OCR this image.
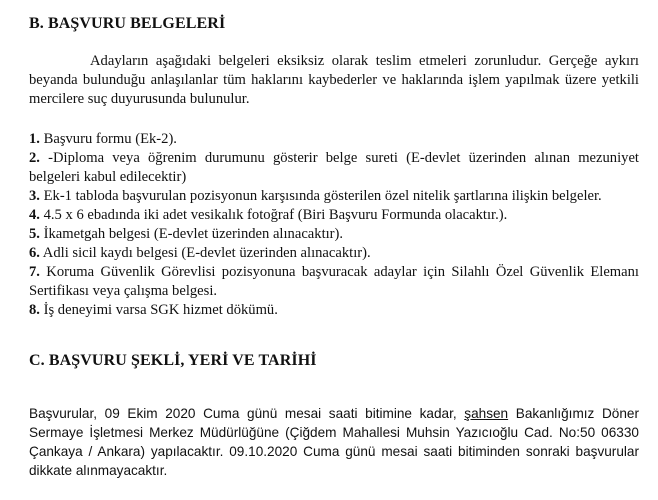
B. BAŞVURU BELGELERİ
Adayların aşağıdaki belgeleri eksiksiz olarak teslim etmeleri zorunludur. Gerçeğe aykırı beyanda bulunduğu anlaşılanlar tüm haklarını kaybederler ve haklarında işlem yapılmak üzere yetkili mercilere suç duyurusunda bulunulur.
1. Başvuru formu (Ek-2).
2. -Diploma veya öğrenim durumunu gösterir belge sureti (E-devlet üzerinden alınan mezuniyet belgeleri kabul edilecektir)
3. Ek-1 tabloda başvurulan pozisyonun karşısında gösterilen özel nitelik şartlarına ilişkin belgeler.
4. 4.5 x 6 ebadında iki adet vesikalık fotoğraf (Biri Başvuru Formunda olacaktır.).
5. İkametgah belgesi (E-devlet üzerinden alınacaktır).
6. Adli sicil kaydı belgesi (E-devlet üzerinden alınacaktır).
7. Koruma Güvenlik Görevlisi pozisyonuna başvuracak adaylar için Silahlı Özel Güvenlik Elemanı Sertifikası veya çalışma belgesi.
8. İş deneyimi varsa SGK hizmet dökümü.
C. BAŞVURU ŞEKLİ, YERİ VE TARİHİ
Başvurular, 09 Ekim 2020 Cuma günü mesai saati bitimine kadar, şahsen Bakanlığımız Döner Sermaye İşletmesi Merkez Müdürlüğüne (Çiğdem Mahallesi Muhsin Yazıcıoğlu Cad. No:50 06330 Çankaya / Ankara) yapılacaktır. 09.10.2020 Cuma günü mesai saati bitiminden sonraki başvurular dikkate alınmayacaktır.
